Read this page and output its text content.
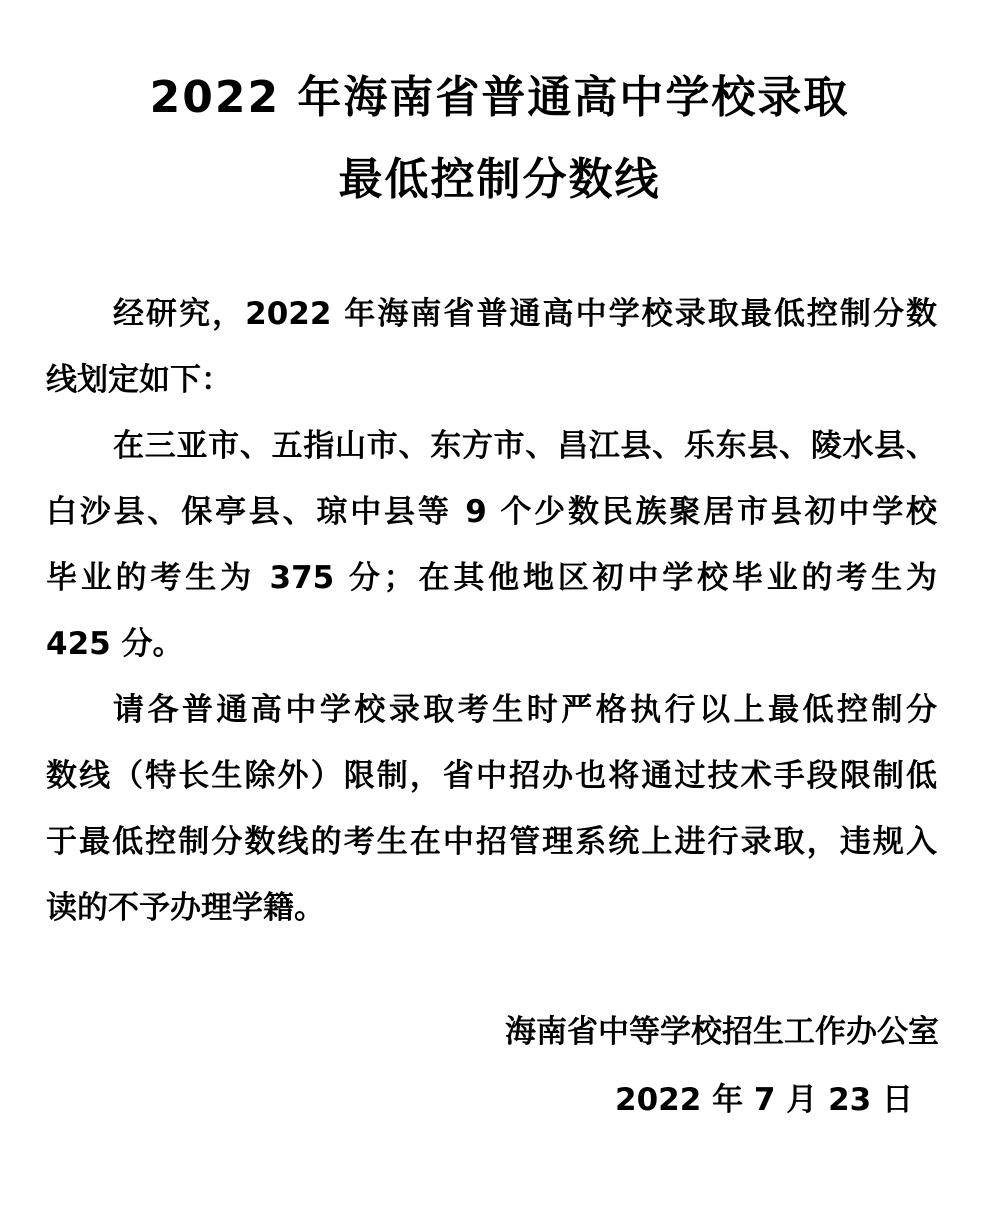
2022 年海南省普通高中学校录取
最低控制分数线
经研究，2022 年海南省普通高中学校录取最低控制分数
线划定如下：
在三亚市、五指山市、东方市、昌江县、乐东县、陵水县、
白沙县、保亭县、琼中县等 9 个少数民族聚居市县初中学校
毕业的考生为 375 分；在其他地区初中学校毕业的考生为
425 分。
请各普通高中学校录取考生时严格执行以上最低控制分
数线（特长生除外）限制，省中招办也将通过技术手段限制低
于最低控制分数线的考生在中招管理系统上进行录取，违规入
读的不予办理学籍。
海南省中等学校招生工作办公室
2022 年 7 月 23 日
